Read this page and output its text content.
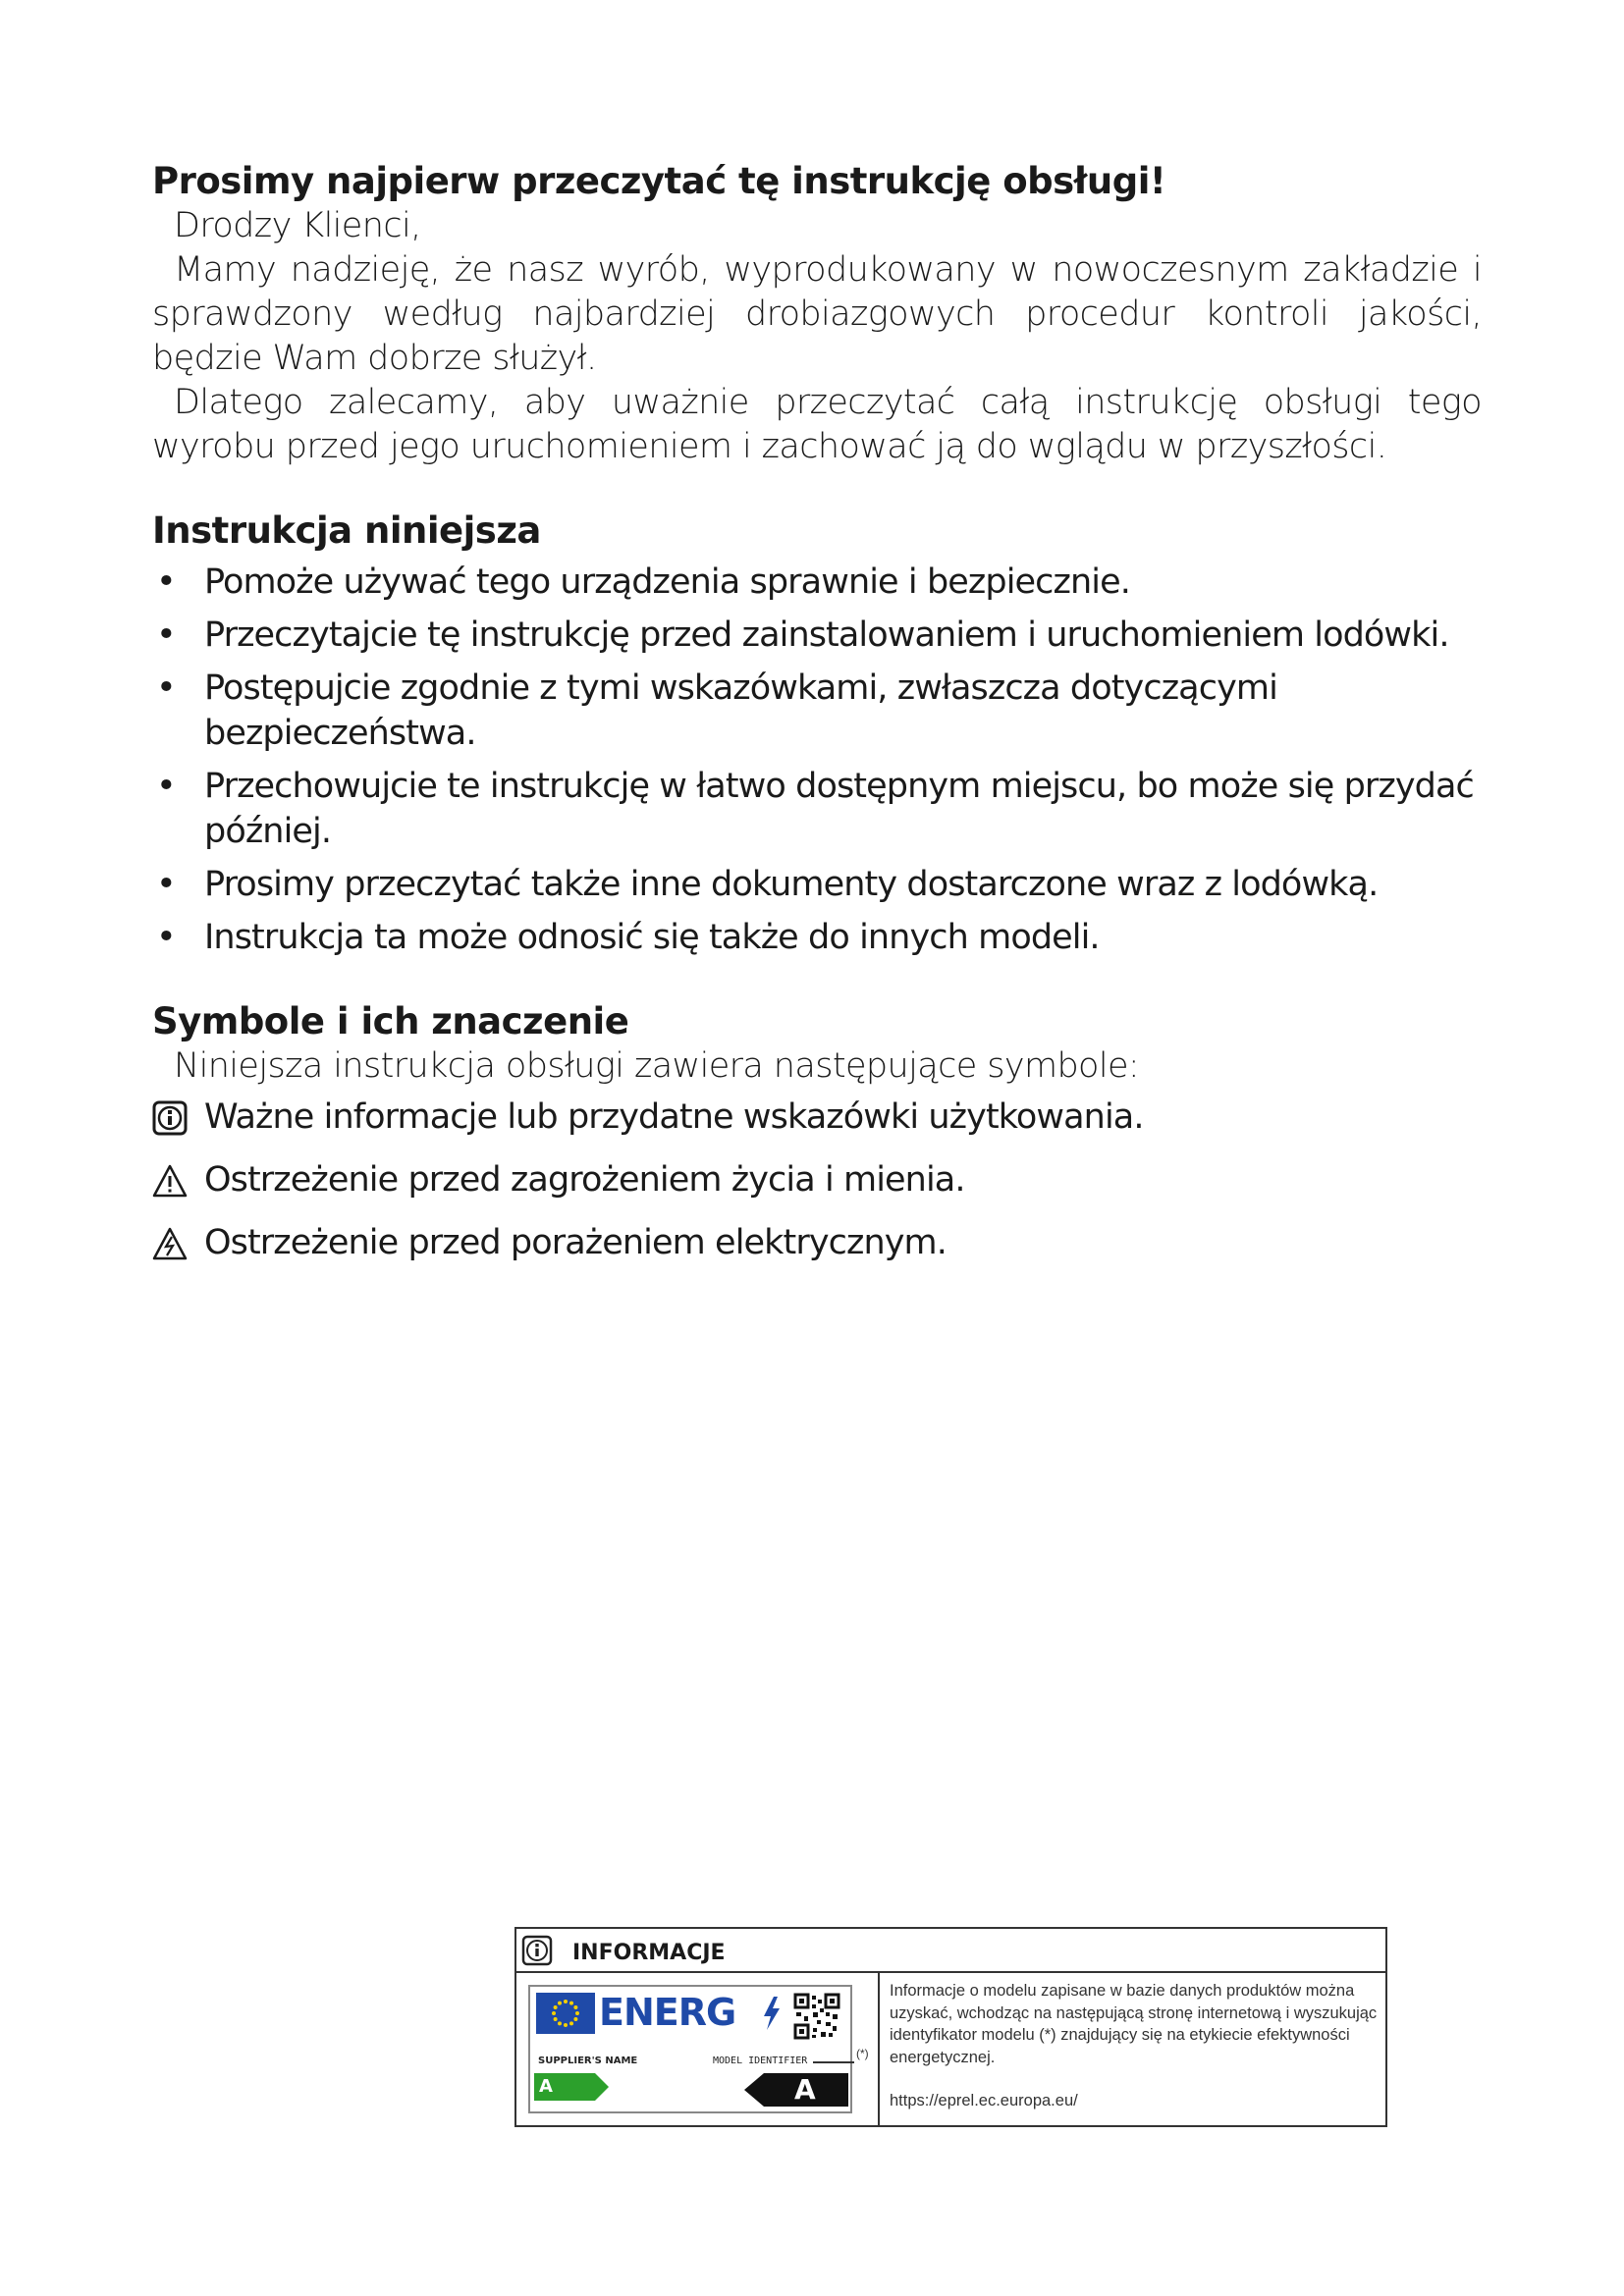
Prosimy najpierw przeczytać tę instrukcję obsługi!

Drodzy Klienci,

Mamy nadzieję, że nasz wyrób, wyprodukowany w nowoczesnym zakładzie i sprawdzony według najbardziej drobiazgowych procedur kontroli jakości, będzie Wam dobrze służył.

Dlatego zalecamy, aby uważnie przeczytać całą instrukcję obsługi tego wyrobu przed jego uruchomieniem i zachować ją do wglądu w przyszłości.

Instrukcja niniejsza
• Pomoże używać tego urządzenia sprawnie i bezpiecznie.
• Przeczytajcie tę instrukcję przed zainstalowaniem i uruchomieniem lodówki.
• Postępujcie zgodnie z tymi wskazówkami, zwłaszcza dotyczącymi bezpieczeństwa.
• Przechowujcie te instrukcję w łatwo dostępnym miejscu, bo może się przydać później.
• Prosimy przeczytać także inne dokumenty dostarczone wraz z lodówką.
• Instrukcja ta może odnosić się także do innych modeli.
Symbole i ich znaczenie

Niniejsza instrukcja obsługi zawiera następujące symbole:

Ważne informacje lub przydatne wskazówki użytkowania.
Ostrzeżenie przed zagrożeniem życia i mienia.
Ostrzeżenie przed porażeniem elektrycznym.
INFORMACJE
ENERG
SUPPLIER'S NAME	MODEL IDENTIFIER
A	A
(*)
Informacje o modelu zapisane w bazie danych produktów można uzyskać, wchodząc na następującą stronę internetową i wyszukując identyfikator modelu (*) znajdujący się na etykiecie efektywności energetycznej.
https://eprel.ec.europa.eu/
